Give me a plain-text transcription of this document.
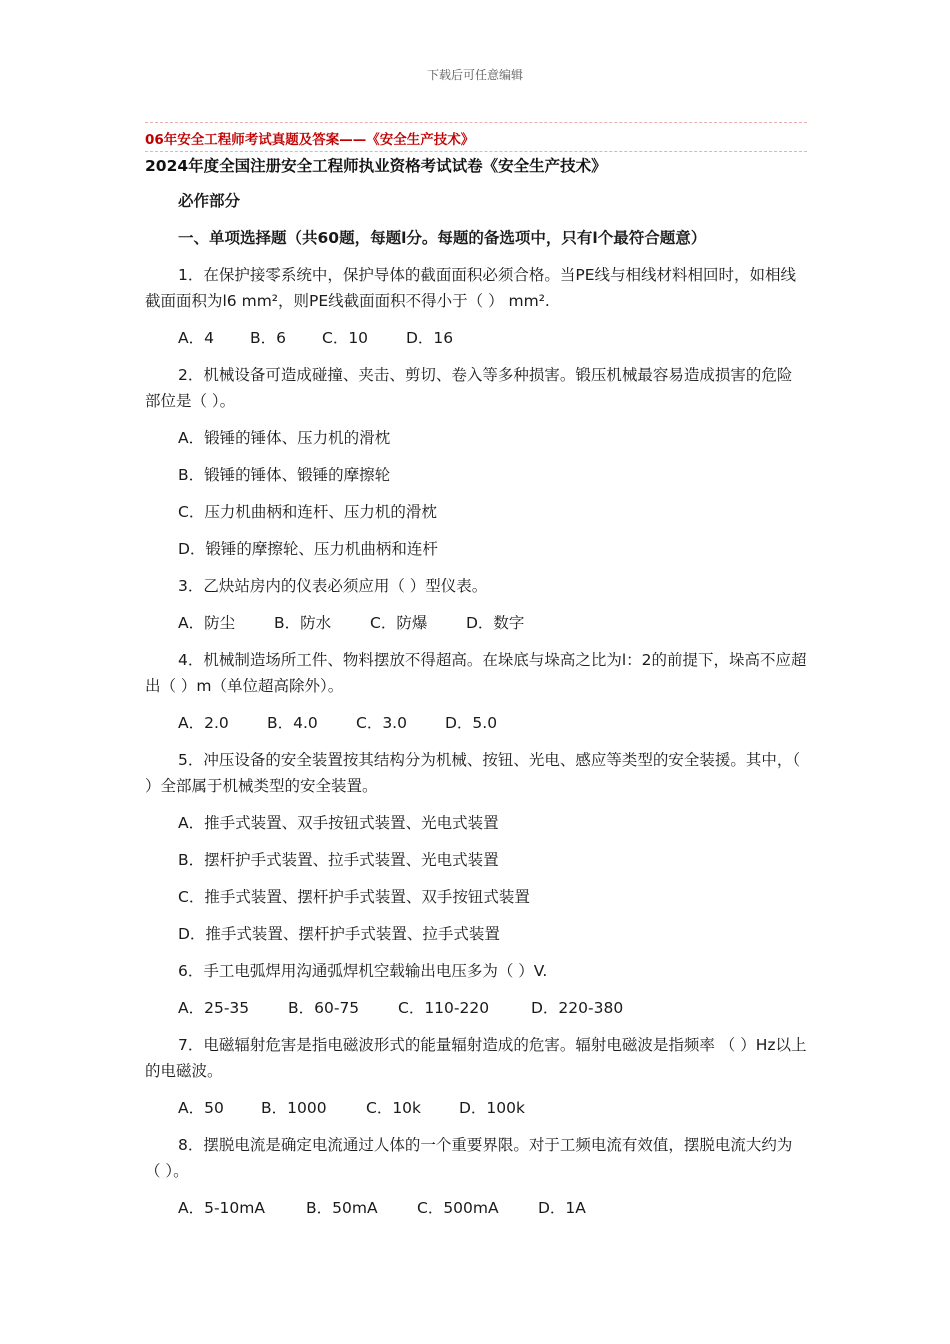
下载后可任意编辑
06年安全工程师考试真题及答案——《安全生产技术》
2024年度全国注册安全工程师执业资格考试试卷《安全生产技术》

必作部分

一、单项选择题（共60题，每题l分。每题的备选项中，只有l个最符合题意）

1．在保护接零系统中，保护导体的截面面积必须合格。当PE线与相线材料相回时，如相线截面面积为l6 mm²，则PE线截面面积不得小于（ ） mm².

A．4 B．6 C．10 D．16

2．机械设备可造成碰撞、夹击、剪切、卷入等多种损害。锻压机械最容易造成损害的危险部位是（ ）。

A．锻锤的锤体、压力机的滑枕

B．锻锤的锤体、锻锤的摩擦轮

C．压力机曲柄和连杆、压力机的滑枕

D．锻锤的摩擦轮、压力机曲柄和连杆

3．乙炔站房内的仪表必须应用（ ）型仪表。

A．防尘	B．防水	C．防爆 D．数字

4．机械制造场所工件、物料摆放不得超高。在垛底与垛高之比为l：2的前提下，垛高不应超出（ ）m（单位超高除外）。

A．2.0 B．4.0 C．3.0 D．5.0

5．冲压设备的安全装置按其结构分为机械、按钮、光电、感应等类型的安全装援。其中，（ ）全部属于机械类型的安全装置。

A．推手式装置、双手按钮式装置、光电式装置

B．摆杆护手式装置、拉手式装置、光电式装置

C．推手式装置、摆杆护手式装置、双手按钮式装置

D．推手式装置、摆杆护手式装置、拉手式装置

6．手工电弧焊用沟通弧焊机空载输出电压多为（ ）V.

A．25-35	B．60-75	C．110-220	D．220-380

7．电磁辐射危害是指电磁波形式的能量辐射造成的危害。辐射电磁波是指频率 （ ）Hz以上的电磁波。

A．50 B．1000	C．10k D．100k

8．摆脱电流是确定电流通过人体的一个重要界限。对于工频电流有效值，摆脱电流大约为（ ）。

A．5-10mA	B．50mA	C．500mA	D．1A
